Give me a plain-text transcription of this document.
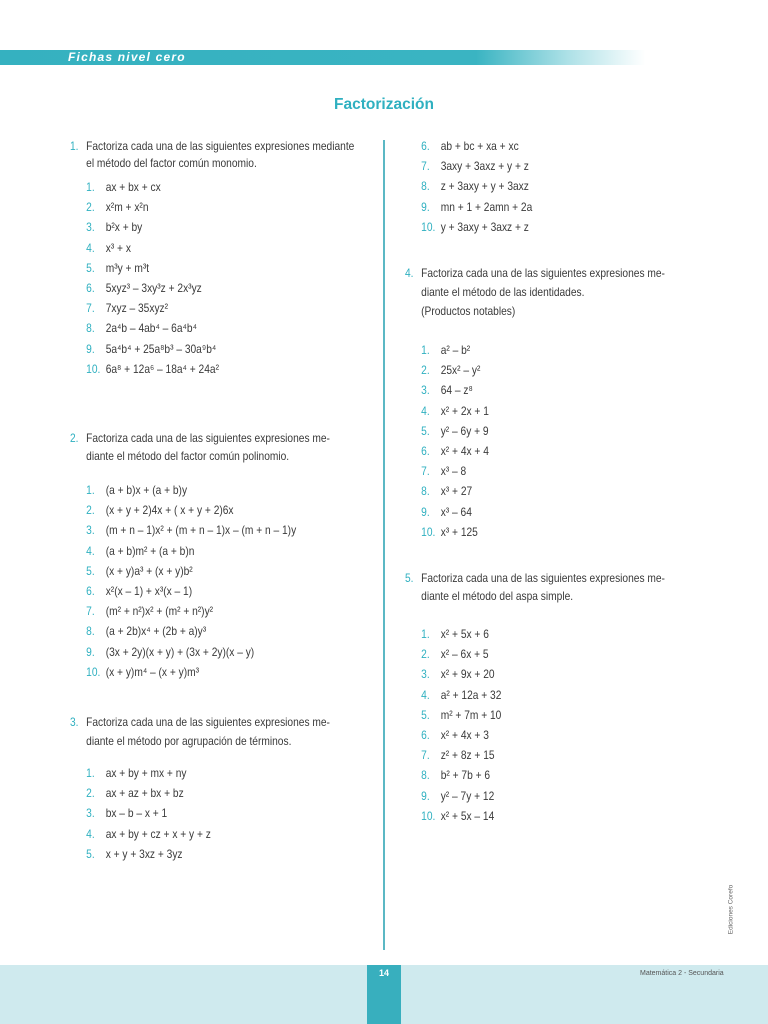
Fichas nivel cero
Factorización
1. Factoriza cada una de las siguientes expresiones mediante
el método del factor común monomio.
1. ax + bx + cx
2. x²m + x²n
3. b²x + by
4. x³ + x
5. m³y + m³t
6. 5xyz³ – 3xy³z + 2x³yz
7. 7xyz – 35xyz²
8. 2a⁴b – 4ab⁴ – 6a⁴b⁴
9. 5a⁴b⁴ + 25a⁸b³ – 30a⁹b⁴
10. 6a⁸ + 12a⁶ – 18a⁴ + 24a²
2. Factoriza cada una de las siguientes expresiones me-
diante el método del factor común polinomio.
1. (a + b)x + (a + b)y
2. (x + y + 2)4x + ( x + y + 2)6x
3. (m + n – 1)x² + (m + n – 1)x – (m + n – 1)y
4. (a + b)m² + (a + b)n
5. (x + y)a³ + (x + y)b²
6. x²(x – 1) + x³(x – 1)
7. (m² + n²)x² + (m² + n²)y²
8. (a + 2b)x⁴ + (2b + a)y³
9. (3x + 2y)(x + y) + (3x + 2y)(x – y)
10. (x + y)m⁴ – (x + y)m³
3. Factoriza cada una de las siguientes expresiones me-
diante el método por agrupación de términos.
1. ax + by + mx + ny
2. ax + az + bx + bz
3. bx – b – x + 1
4. ax + by + cz + x + y + z
5. x + y + 3xz + 3yz
6. ab + bc + xa + xc
7. 3axy + 3axz + y + z
8. z + 3axy + y + 3axz
9. mn + 1 + 2amn + 2a
10. y + 3axy + 3axz + z
4. Factoriza cada una de las siguientes expresiones me-
diante el método de las identidades.
(Productos notables)
1. a² – b²
2. 25x² – y²
3. 64 – z⁸
4. x² + 2x + 1
5. y² – 6y + 9
6. x² + 4x + 4
7. x³ – 8
8. x³ + 27
9. x³ – 64
10. x³ + 125
5. Factoriza cada una de las siguientes expresiones me-
diante el método del aspa simple.
1. x² + 5x + 6
2. x² – 6x + 5
3. x² + 9x + 20
4. a² + 12a + 32
5. m² + 7m + 10
6. x² + 4x + 3
7. z² + 8z + 15
8. b² + 7b + 6
9. y² – 7y + 12
10. x² + 5x – 14
Ediciones Corefo
14	Matemática 2 - Secundaria
